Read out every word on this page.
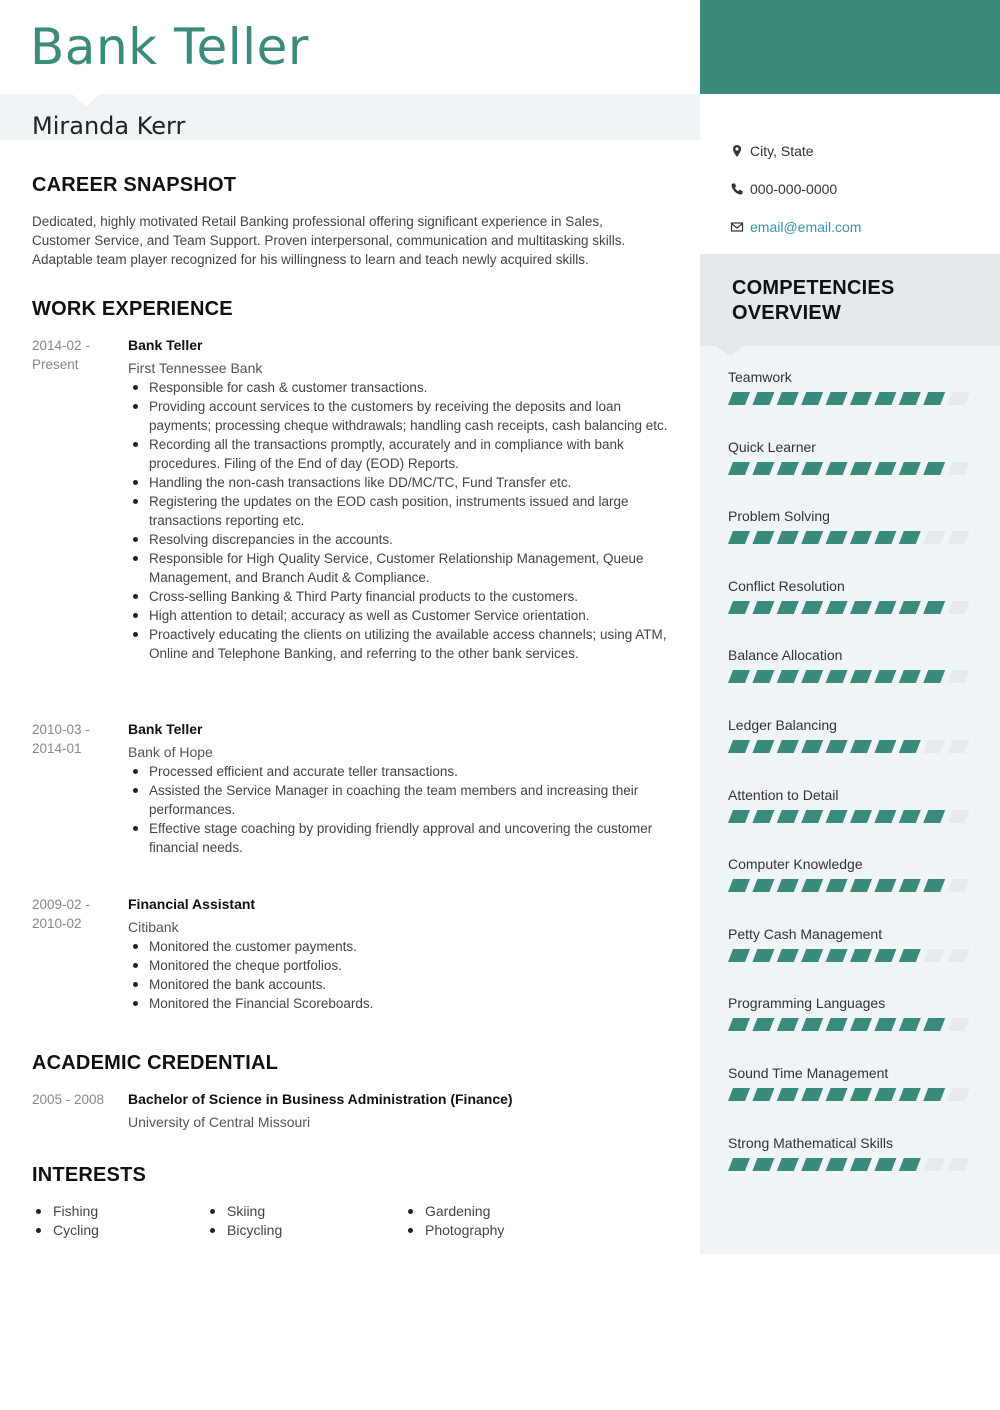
Bank Teller
Miranda Kerr
City, State
000-000-0000
email@email.com
COMPETENCIES
OVERVIEW
Teamwork
Quick Learner
Problem Solving
Conflict Resolution
Balance Allocation
Ledger Balancing
Attention to Detail
Computer Knowledge
Petty Cash Management
Programming Languages
Sound Time Management
Strong Mathematical Skills
CAREER SNAPSHOT
Dedicated, highly motivated Retail Banking professional offering significant experience in Sales,
Customer Service, and Team Support. Proven interpersonal, communication and multitasking skills.
Adaptable team player recognized for his willingness to learn and teach newly acquired skills.
WORK EXPERIENCE
2014-02 -
Present
Bank Teller
First Tennessee Bank
Responsible for cash & customer transactions.
Providing account services to the customers by receiving the deposits and loan payments; processing cheque withdrawals; handling cash receipts, cash balancing etc.
Recording all the transactions promptly, accurately and in compliance with bank procedures. Filing of the End of day (EOD) Reports.
Handling the non-cash transactions like DD/MC/TC, Fund Transfer etc.
Registering the updates on the EOD cash position, instruments issued and large transactions reporting etc.
Resolving discrepancies in the accounts.
Responsible for High Quality Service, Customer Relationship Management, Queue Management, and Branch Audit & Compliance.
Cross-selling Banking & Third Party financial products to the customers.
High attention to detail; accuracy as well as Customer Service orientation.
Proactively educating the clients on utilizing the available access channels; using ATM, Online and Telephone Banking, and referring to the other bank services.
2010-03 -
2014-01
Bank Teller
Bank of Hope
Processed efficient and accurate teller transactions.
Assisted the Service Manager in coaching the team members and increasing their performances.
Effective stage coaching by providing friendly approval and uncovering the customer financial needs.
2009-02 -
2010-02
Financial Assistant
Citibank
Monitored the customer payments.
Monitored the cheque portfolios.
Monitored the bank accounts.
Monitored the Financial Scoreboards.
ACADEMIC CREDENTIAL
2005 - 2008	Bachelor of Science in Business Administration (Finance)
University of Central Missouri
INTERESTS
Fishing
Cycling
Skiing
Bicycling
Gardening
Photography
